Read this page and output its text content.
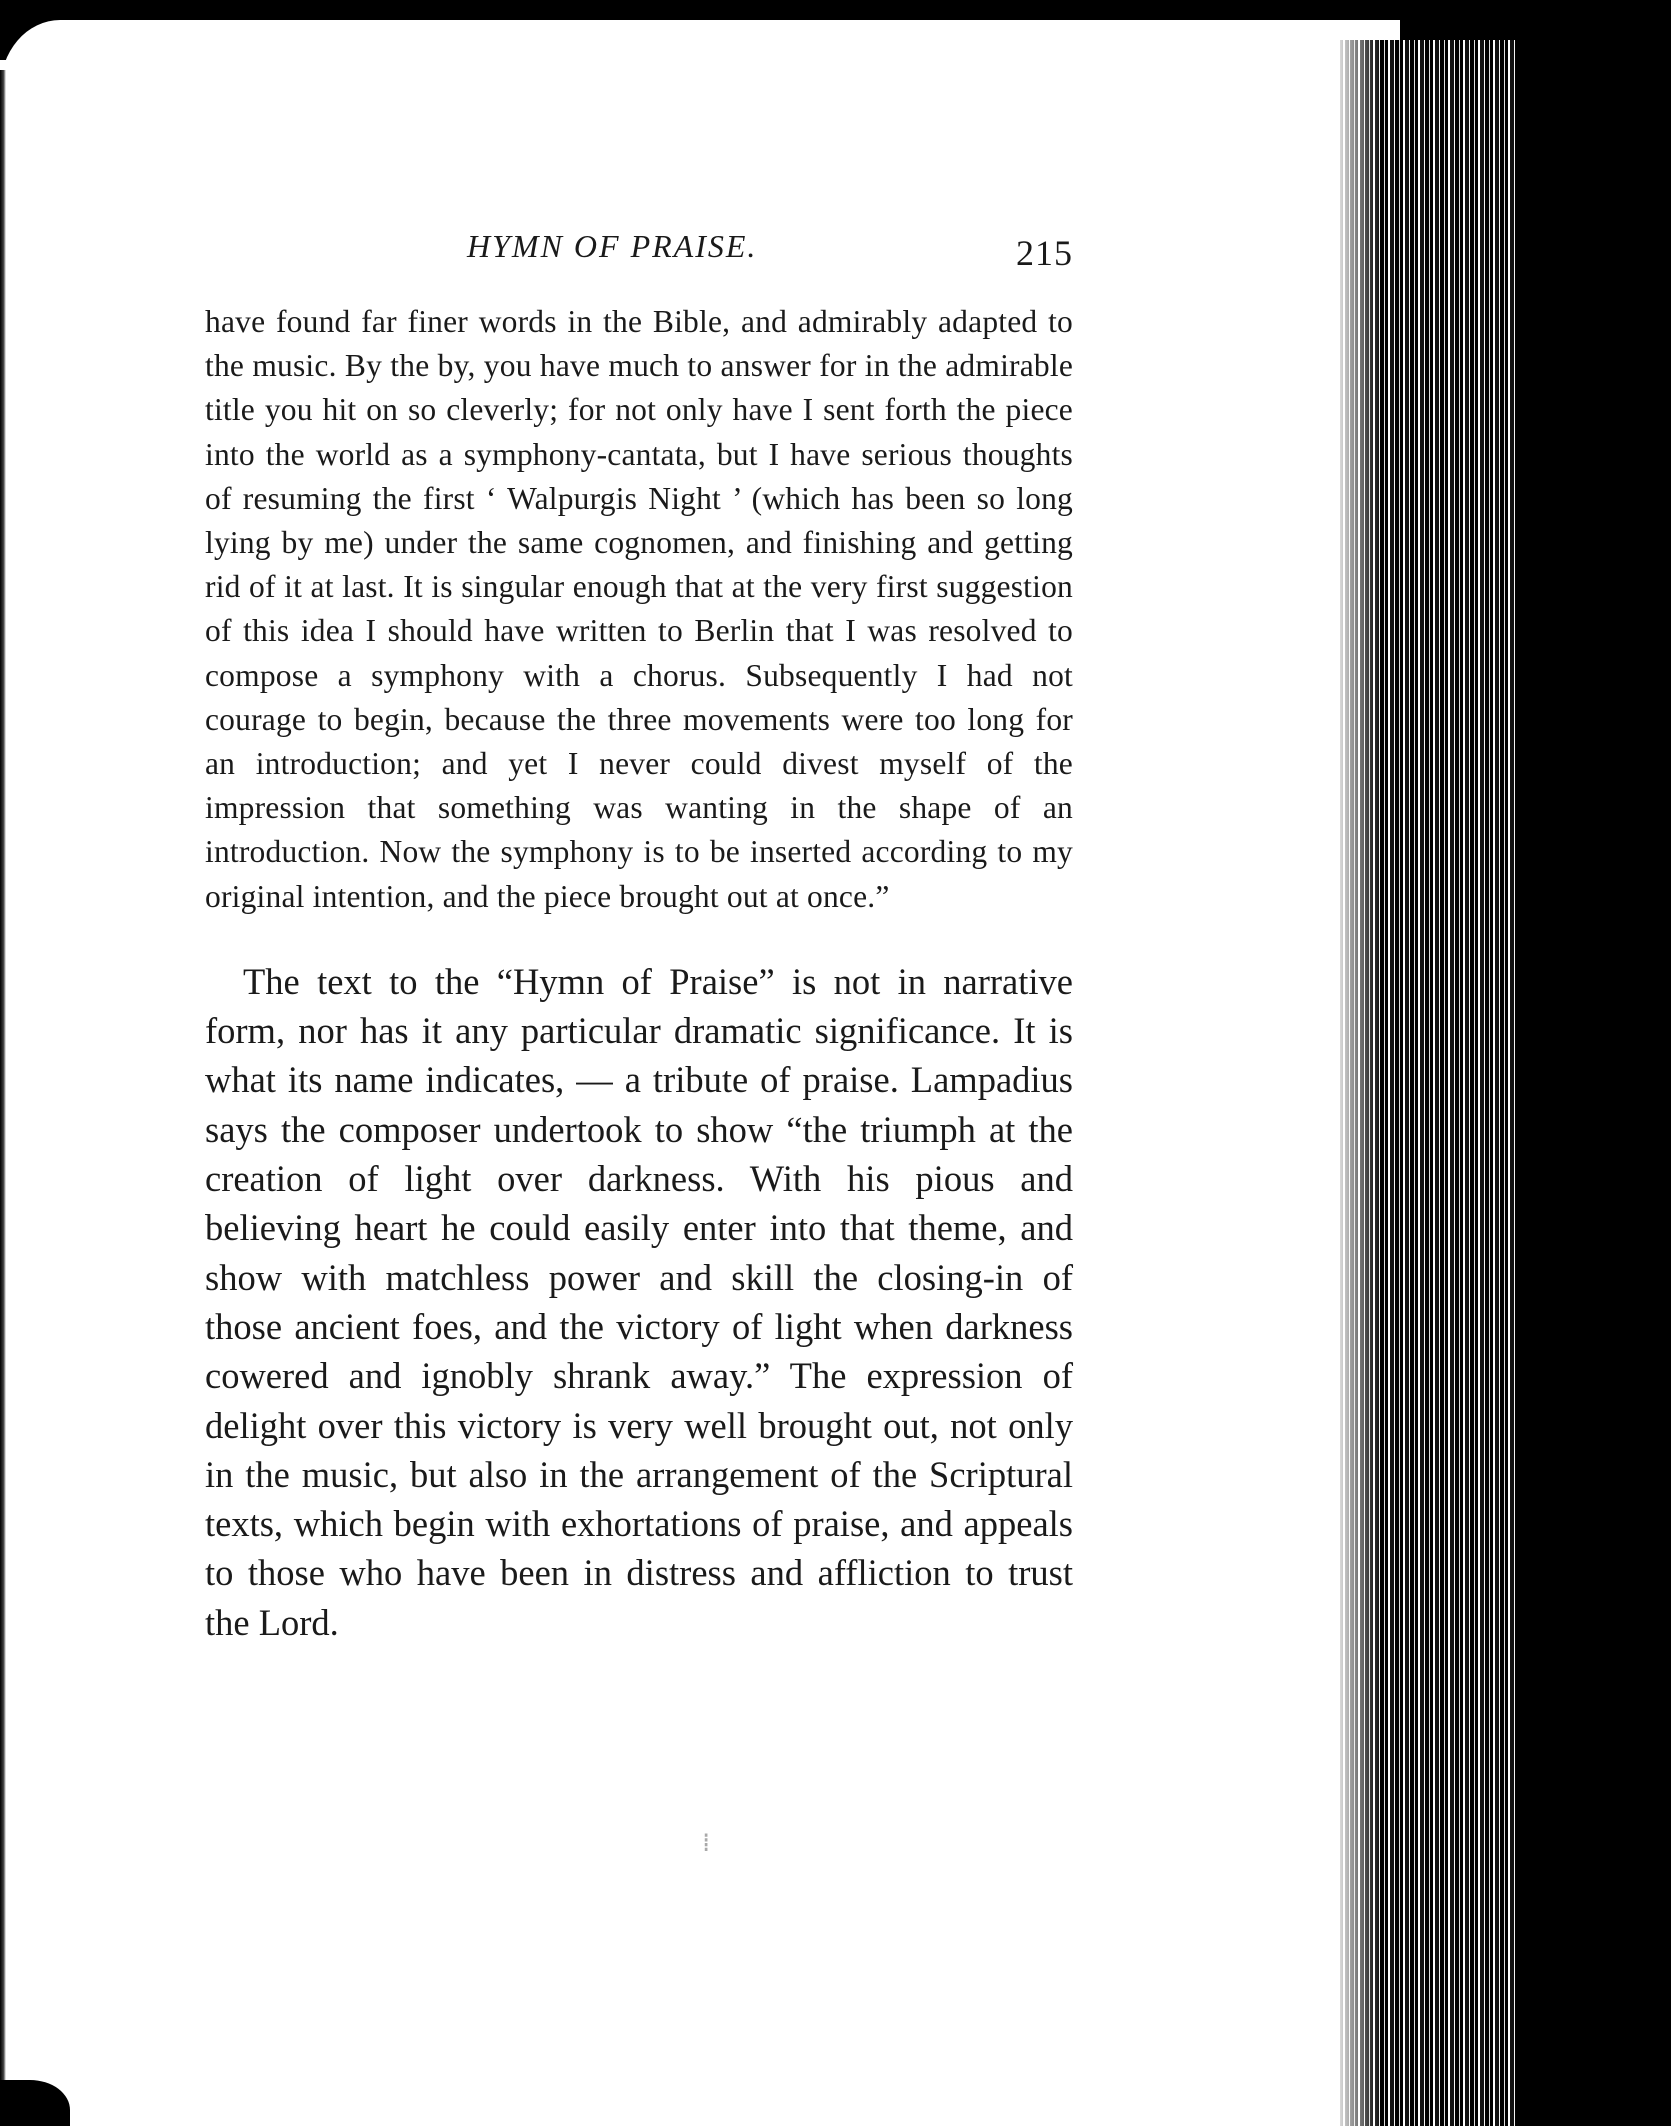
HYMN OF PRAISE.	215

have found far finer words in the Bible, and admirably adapted to the music. By the by, you have much to answer for in the admirable title you hit on so cleverly; for not only have I sent forth the piece into the world as a symphony-cantata, but I have serious thoughts of resuming the first ‘ Walpurgis Night ’ (which has been so long lying by me) under the same cognomen, and finishing and getting rid of it at last. It is singular enough that at the very first suggestion of this idea I should have written to Berlin that I was resolved to compose a symphony with a chorus. Subsequently I had not courage to begin, because the three movements were too long for an introduction; and yet I never could divest myself of the impression that something was wanting in the shape of an introduction. Now the symphony is to be inserted according to my original intention, and the piece brought out at once.”

The text to the “Hymn of Praise” is not in narrative form, nor has it any particular dramatic significance. It is what its name indicates, — a tribute of praise. Lampadius says the composer undertook to show “the triumph at the creation of light over darkness. With his pious and believing heart he could easily enter into that theme, and show with matchless power and skill the closing-in of those ancient foes, and the victory of light when darkness cowered and ignobly shrank away.” The expression of delight over this victory is very well brought out, not only in the music, but also in the arrangement of the Scriptural texts, which begin with exhortations of praise, and appeals to those who have been in distress and affliction to trust the Lord.

⁞
